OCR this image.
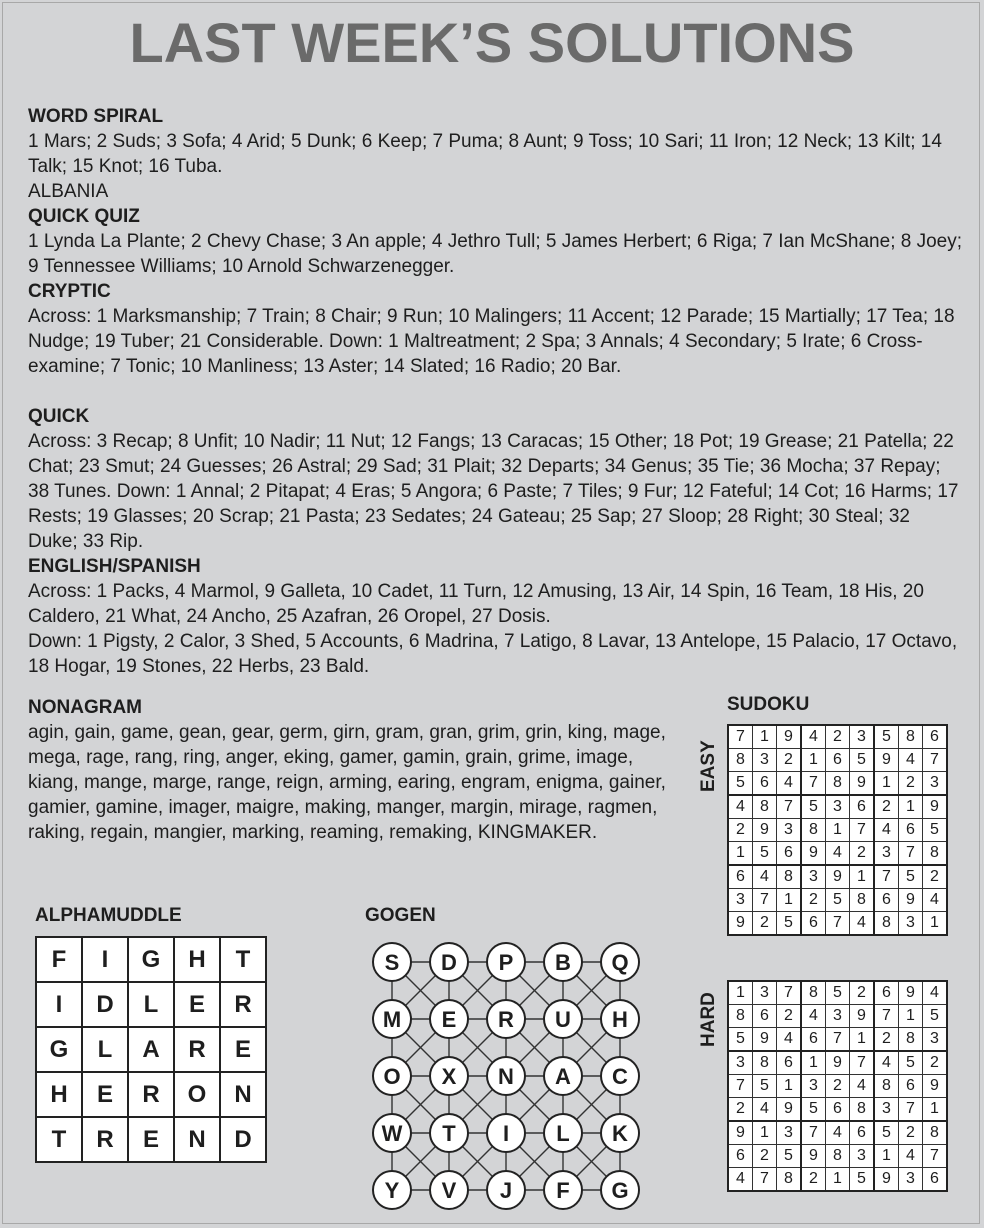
LAST WEEK’S SOLUTIONS
WORD SPIRAL

1 Mars; 2 Suds; 3 Sofa; 4 Arid; 5 Dunk; 6 Keep; 7 Puma; 8 Aunt; 9 Toss; 10 Sari; 11 Iron; 12 Neck; 13 Kilt; 14 Talk; 15 Knot; 16 Tuba.

ALBANIA

QUICK QUIZ

1 Lynda La Plante; 2 Chevy Chase; 3 An apple; 4 Jethro Tull; 5 James Herbert; 6 Riga; 7 Ian McShane; 8 Joey; 9 Tennessee Williams; 10 Arnold Schwarzenegger.

CRYPTIC

Across: 1 Marksmanship; 7 Train; 8 Chair; 9 Run; 10 Malingers; 11 Accent; 12 Parade; 15 Martially; 17 Tea; 18 Nudge; 19 Tuber; 21 Considerable. Down: 1 Maltreatment; 2 Spa; 3 Annals; 4 Secondary; 5 Irate; 6 Cross-examine; 7 Tonic; 10 Manliness; 13 Aster; 14 Slated; 16 Radio; 20 Bar.

QUICK

Across: 3 Recap; 8 Unfit; 10 Nadir; 11 Nut; 12 Fangs; 13 Caracas; 15 Other; 18 Pot; 19 Grease; 21 Patella; 22 Chat; 23 Smut; 24 Guesses; 26 Astral; 29 Sad; 31 Plait; 32 Departs; 34 Genus; 35 Tie; 36 Mocha; 37 Repay; 38 Tunes. Down: 1 Annal; 2 Pitapat; 4 Eras; 5 Angora; 6 Paste; 7 Tiles; 9 Fur; 12 Fateful; 14 Cot; 16 Harms; 17 Rests; 19 Glasses; 20 Scrap; 21 Pasta; 23 Sedates; 24 Gateau; 25 Sap; 27 Sloop; 28 Right; 30 Steal; 32 Duke; 33 Rip.

ENGLISH/SPANISH

Across: 1 Packs, 4 Marmol, 9 Galleta, 10 Cadet, 11 Turn, 12 Amusing, 13 Air, 14 Spin, 16 Team, 18 His, 20 Caldero, 21 What, 24 Ancho, 25 Azafran, 26 Oropel, 27 Dosis.

Down: 1 Pigsty, 2 Calor, 3 Shed, 5 Accounts, 6 Madrina, 7 Latigo, 8 Lavar, 13 Antelope, 15 Palacio, 17 Octavo, 18 Hogar, 19 Stones, 22 Herbs, 23 Bald.

NONAGRAM
agin, gain, game, gean, gear, germ, girn, gram, gran, grim, grin, king, mage, mega, rage, rang, ring, anger, eking, gamer, gamin, grain, grime, image, kiang, mange, marge, range, reign, arming, earing, engram, enigma, gainer, gamier, gamine, imager, maigre, making, manger, margin, mirage, ragmen, raking, regain, mangier, marking, reaming, remaking, KINGMAKER.
SUDOKU
EASY
7	1	9	4	2	3	5	8	6
8	3	2	1	6	5	9	4	7
5	6	4	7	8	9	1	2	3
4	8	7	5	3	6	2	1	9
2	9	3	8	1	7	4	6	5
1	5	6	9	4	2	3	7	8
6	4	8	3	9	1	7	5	2
3	7	1	2	5	8	6	9	4
9	2	5	6	7	4	8	3	1
HARD 1	3	7	8	5	2	6	9	4
8	6	2	4	3	9	7	1	5
5	9	4	6	7	1	2	8	3
3	8	6	1	9	7	4	5	2
7	5	1	3	2	4	8	6	9
2	4	9	5	6	8	3	7	1
9	1	3	7	4	6	5	2	8
6	2	5	9	8	3	1	4	7
4	7	8	2	1	5	9	3	6
ALPHAMUDDLE
F	I	G	H	T
I	D	L	E	R
G	L	A	R	E
H	E	R	O	N
T	R	E	N	D
GOGEN
S D P B Q
M E R U H
O X N A C
W T I L K
Y V J F G
